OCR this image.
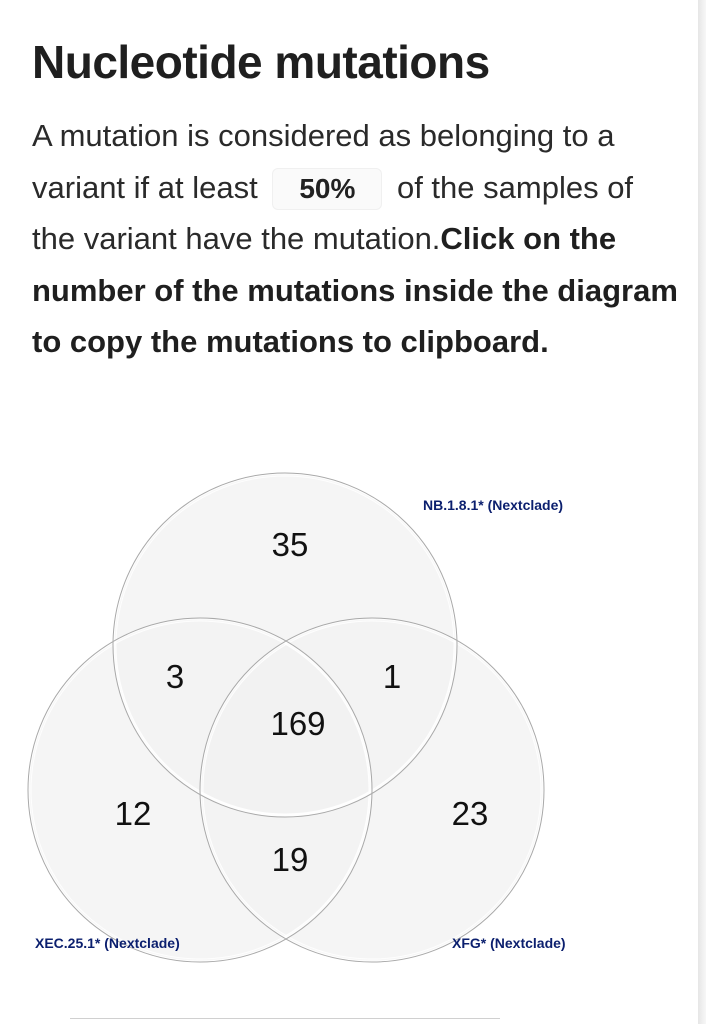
Nucleotide mutations

A mutation is considered as belonging to a variant if at least 50%	of the samples of the variant have the mutation.Click on the number of the mutations inside the diagram to copy the mutations to clipboard.

35
3	1
169
12	23
19
NB.1.8.1* (Nextclade)
XEC.25.1* (Nextclade)	XFG* (Nextclade)
